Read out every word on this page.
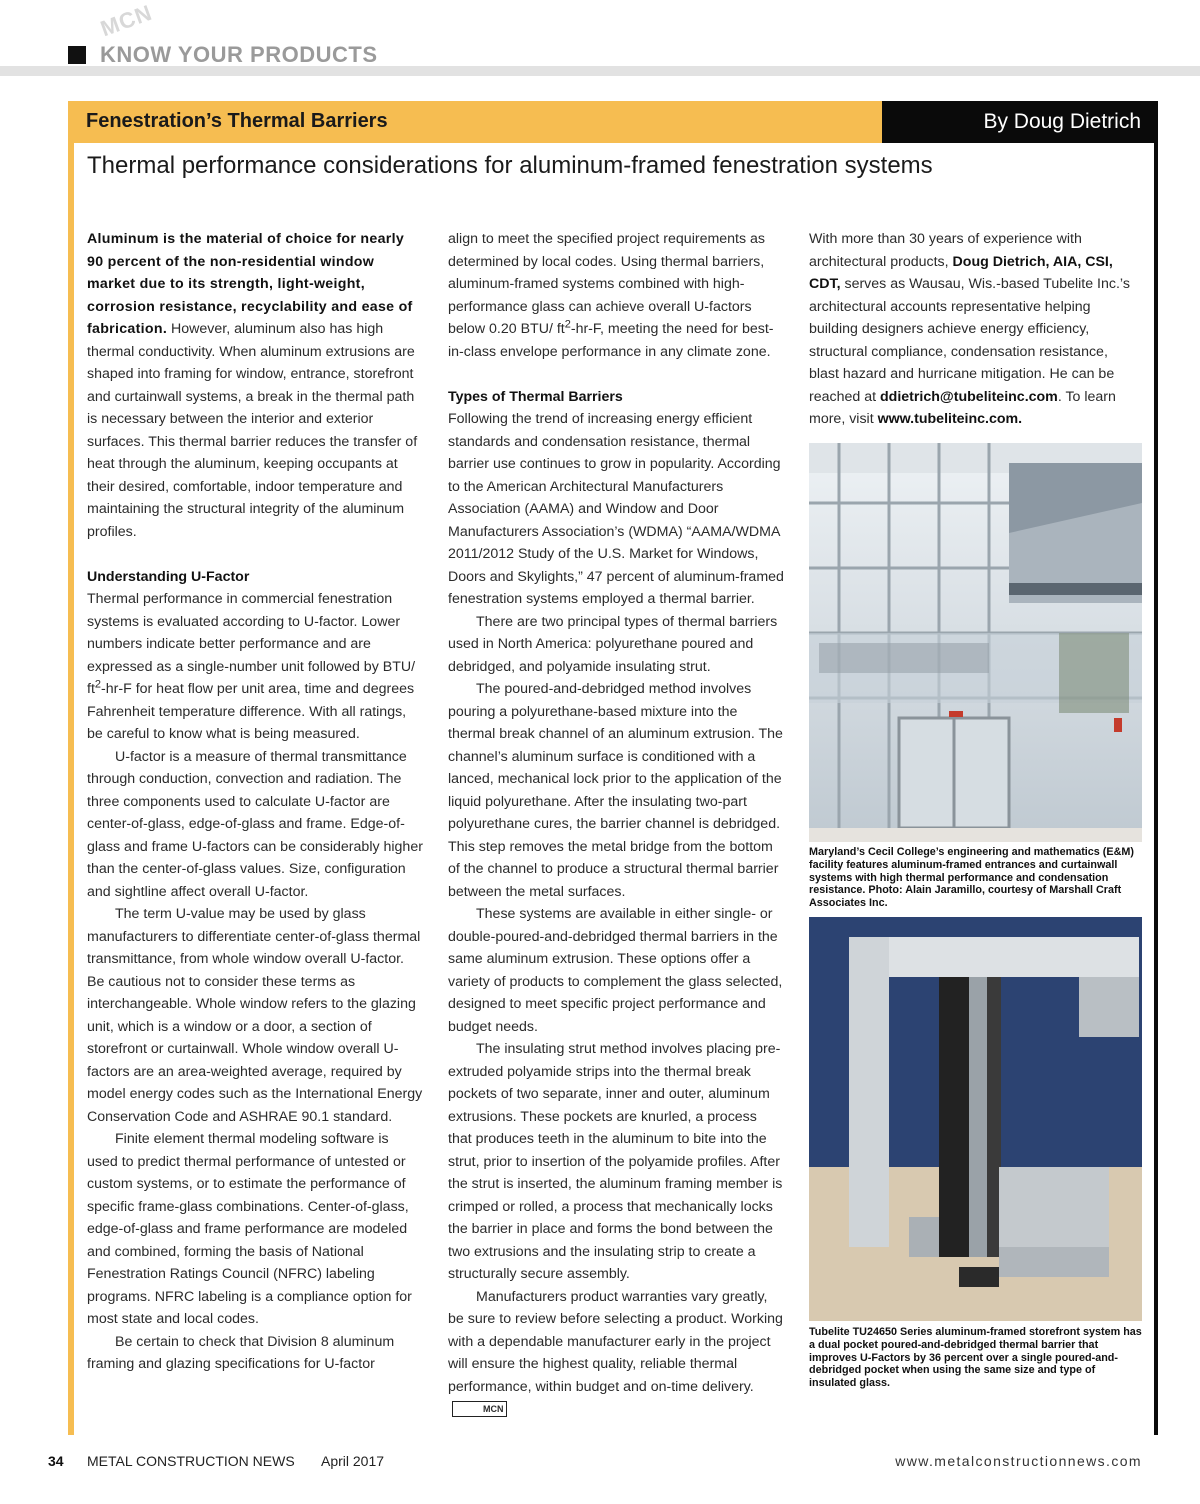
MCN
KNOW YOUR PRODUCTS
Fenestration’s Thermal Barriers	By Doug Dietrich
Thermal performance considerations for aluminum-framed fenestration systems

Aluminum is the material of choice for nearly 90 percent of the non-residential window market due to its strength, light-weight, corrosion resistance, recyclability and ease of fabrication. However, aluminum also has high thermal conductivity. When aluminum extrusions are shaped into framing for window, entrance, storefront and curtainwall systems, a break in the thermal path is necessary between the interior and exterior surfaces. This thermal barrier reduces the transfer of heat through the aluminum, keeping occupants at their desired, comfortable, indoor temperature and maintaining the structural integrity of the aluminum profiles.

Understanding U-Factor

Thermal performance in commercial fenestration systems is evaluated according to U-factor. Lower numbers indicate better performance and are expressed as a single-number unit followed by BTU/ $ft^2-hr-F$ for heat flow per unit area, time and degrees Fahrenheit temperature difference. With all ratings, be careful to know what is being measured.

U-factor is a measure of thermal transmittance through conduction, convection and radiation. The three components used to calculate U-factor are center-of-glass, edge-of-glass and frame. Edge-of-glass and frame U-factors can be considerably higher than the center-of-glass values. Size, configuration and sightline affect overall U-factor.

The term U-value may be used by glass manufacturers to differentiate center-of-glass thermal transmittance, from whole window overall U-factor. Be cautious not to consider these terms as interchangeable. Whole window refers to the glazing unit, which is a window or a door, a section of storefront or curtainwall. Whole window overall U-factors are an area-weighted average, required by model energy codes such as the International Energy Conservation Code and ASHRAE 90.1 standard.

Finite element thermal modeling software is used to predict thermal performance of untested or custom systems, or to estimate the performance of specific frame-glass combinations. Center-of-glass, edge-of-glass and frame performance are modeled and combined, forming the basis of National Fenestration Ratings Council (NFRC) labeling programs. NFRC labeling is a compliance option for most state and local codes.

Be certain to check that Division 8 aluminum framing and glazing specifications for U-factor

align to meet the specified project requirements as determined by local codes. Using thermal barriers, aluminum-framed systems combined with high-performance glass can achieve overall U-factors below 0.20 BTU/ $ft^2-hr-F$, meeting the need for best-in-class envelope performance in any climate zone.

Types of Thermal Barriers

Following the trend of increasing energy efficient standards and condensation resistance, thermal barrier use continues to grow in popularity. According to the American Architectural Manufacturers Association (AAMA) and Window and Door Manufacturers Association’s (WDMA) “AAMA/WDMA 2011/2012 Study of the U.S. Market for Windows, Doors and Skylights,” 47 percent of aluminum-framed fenestration systems employed a thermal barrier.

There are two principal types of thermal barriers used in North America: polyurethane poured and debridged, and polyamide insulating strut.

The poured-and-debridged method involves pouring a polyurethane-based mixture into the thermal break channel of an aluminum extrusion. The channel’s aluminum surface is conditioned with a lanced, mechanical lock prior to the application of the liquid polyurethane. After the insulating two-part polyurethane cures, the barrier channel is debridged. This step removes the metal bridge from the bottom of the channel to produce a structural thermal barrier between the metal surfaces.

These systems are available in either single- or double-poured-and-debridged thermal barriers in the same aluminum extrusion. These options offer a variety of products to complement the glass selected, designed to meet specific project performance and budget needs.

The insulating strut method involves placing pre-extruded polyamide strips into the thermal break pockets of two separate, inner and outer, aluminum extrusions. These pockets are knurled, a process that produces teeth in the aluminum to bite into the strut, prior to insertion of the polyamide profiles. After the strut is inserted, the aluminum framing member is crimped or rolled, a process that mechanically locks the barrier in place and forms the bond between the two extrusions and the insulating strip to create a structurally secure assembly.

Manufacturers product warranties vary greatly, be sure to review before selecting a product. Working with a dependable manufacturer early in the project will ensure the highest quality, reliable thermal performance, within budget and on-time delivery.MCN

With more than 30 years of experience with architectural products, Doug Dietrich, AIA, CSI, CDT, serves as Wausau, Wis.-based Tubelite Inc.’s architectural accounts representative helping building designers achieve energy efficiency, structural compliance, condensation resistance, blast hazard and hurricane mitigation. He can be reached at ddietrich@tubeliteinc.com. To learn more, visit www.tubeliteinc.com.

Maryland’s Cecil College’s engineering and mathematics (E&M) facility features aluminum-framed entrances and curtainwall systems with high thermal performance and condensation resistance. Photo: Alain Jaramillo, courtesy of Marshall Craft Associates Inc.
Tubelite TU24650 Series aluminum-framed storefront system has a dual pocket poured-and-debridged thermal barrier that improves U-Factors by 36 percent over a single poured-and-debridged pocket when using the same size and type of insulated glass.
34 METAL CONSTRUCTION NEWS April 2017	www.metalconstructionnews.com
